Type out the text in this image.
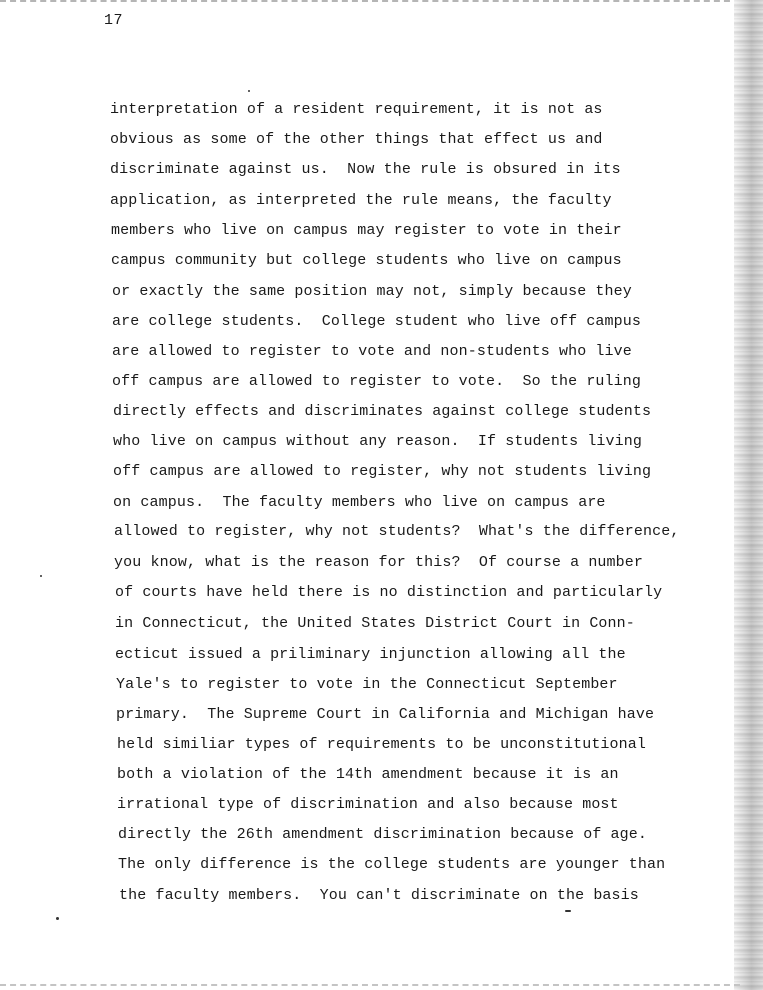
17
interpretation of a resident requirement, it is not as
obvious as some of the other things that effect us and
discriminate against us.  Now the rule is obsured in its
application, as interpreted the rule means, the faculty
members who live on campus may register to vote in their
campus community but college students who live on campus
or exactly the same position may not, simply because they
are college students.  College student who live off campus
are allowed to register to vote and non-students who live
off campus are allowed to register to vote.  So the ruling
directly effects and discriminates against college students
who live on campus without any reason.  If students living
off campus are allowed to register, why not students living
on campus.  The faculty members who live on campus are
allowed to register, why not students?  What's the difference,
you know, what is the reason for this?  Of course a number
of courts have held there is no distinction and particularly
in Connecticut, the United States District Court in Conn-
ecticut issued a priliminary injunction allowing all the
Yale's to register to vote in the Connecticut September
primary.  The Supreme Court in California and Michigan have
held similiar types of requirements to be unconstitutional
both a violation of the 14th amendment because it is an
irrational type of discrimination and also because most
directly the 26th amendment discrimination because of age.
The only difference is the college students are younger than
the faculty members.  You can't discriminate on the basis
